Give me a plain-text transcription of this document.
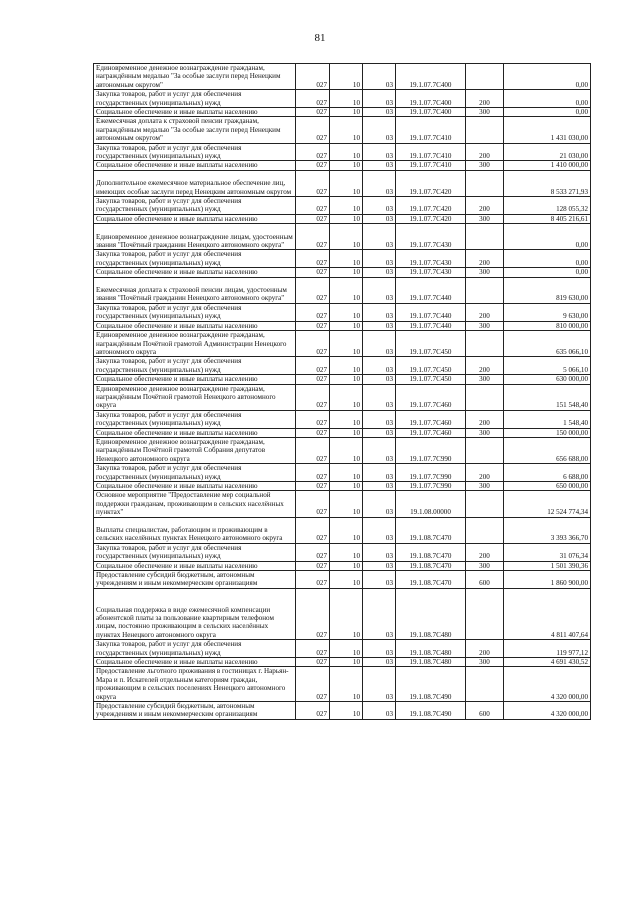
81
Единовременное денежное вознаграждение гражданам, награждённым медалью "За особые заслуги перед Ненецким автономным округом"	027	10	03	19.1.07.7С400		0,00
Закупка товаров, работ и услуг для обеспечения государственных (муниципальных) нужд	027	10	03	19.1.07.7С400	200	0,00
Социальное обеспечение и иные выплаты населению	027	10	03	19.1.07.7С400	300	0,00
Ежемесячная доплата к страховой пенсии гражданам, награждённым медалью "За особые заслуги перед Ненецким автономным округом"	027	10	03	19.1.07.7С410		1 431 030,00
Закупка товаров, работ и услуг для обеспечения государственных (муниципальных) нужд	027	10	03	19.1.07.7С410	200	21 030,00
Социальное обеспечение и иные выплаты населению	027	10	03	19.1.07.7С410	300	1 410 000,00
Дополнительное ежемесячное материальное обеспечение лиц, имеющих особые заслуги перед Ненецким автономным округом	027	10	03	19.1.07.7С420		8 533 271,93
Закупка товаров, работ и услуг для обеспечения государственных (муниципальных) нужд	027	10	03	19.1.07.7С420	200	128 055,32
Социальное обеспечение и иные выплаты населению	027	10	03	19.1.07.7С420	300	8 405 216,61
Единовременное денежное вознаграждение лицам, удостоенным звания "Почётный гражданин Ненецкого автономного округа"	027	10	03	19.1.07.7С430		0,00
Закупка товаров, работ и услуг для обеспечения государственных (муниципальных) нужд	027	10	03	19.1.07.7С430	200	0,00
Социальное обеспечение и иные выплаты населению	027	10	03	19.1.07.7С430	300	0,00
Ежемесячная доплата к страховой пенсии лицам, удостоенным звания "Почётный гражданин Ненецкого автономного округа"	027	10	03	19.1.07.7С440		819 630,00
Закупка товаров, работ и услуг для обеспечения государственных (муниципальных) нужд	027	10	03	19.1.07.7С440	200	9 630,00
Социальное обеспечение и иные выплаты населению	027	10	03	19.1.07.7С440	300	810 000,00
Единовременное денежное вознаграждение гражданам, награждённым Почётной грамотой Администрации Ненецкого автономного округа	027	10	03	19.1.07.7С450		635 066,10
Закупка товаров, работ и услуг для обеспечения государственных (муниципальных) нужд	027	10	03	19.1.07.7С450	200	5 066,10
Социальное обеспечение и иные выплаты населению	027	10	03	19.1.07.7С450	300	630 000,00
Единовременное денежное вознаграждение гражданам, награждённым Почётной грамотой Ненецкого автономного округа	027	10	03	19.1.07.7С460		151 548,40
Закупка товаров, работ и услуг для обеспечения государственных (муниципальных) нужд	027	10	03	19.1.07.7С460	200	1 548,40
Социальное обеспечение и иные выплаты населению	027	10	03	19.1.07.7С460	300	150 000,00
Единовременное денежное вознаграждение гражданам, награждённым Почётной грамотой Собрания депутатов Ненецкого автономного округа	027	10	03	19.1.07.7С990		656 688,00
Закупка товаров, работ и услуг для обеспечения государственных (муниципальных) нужд	027	10	03	19.1.07.7С990	200	6 688,00
Социальное обеспечение и иные выплаты населению	027	10	03	19.1.07.7С990	300	650 000,00
Основное мероприятие "Предоставление мер социальной поддержки гражданам, проживающим в сельских населённых пунктах"	027	10	03	19.1.08.00000		12 524 774,34
Выплаты специалистам, работающим и проживающим в сельских населённых пунктах Ненецкого автономного округа	027	10	03	19.1.08.7С470		3 393 366,70
Закупка товаров, работ и услуг для обеспечения государственных (муниципальных) нужд	027	10	03	19.1.08.7С470	200	31 076,34
Социальное обеспечение и иные выплаты населению	027	10	03	19.1.08.7С470	300	1 501 390,36
Предоставление субсидий бюджетным, автономным учреждениям и иным некоммерческим организациям	027	10	03	19.1.08.7С470	600	1 860 900,00
Социальная поддержка в виде ежемесячной компенсации абонентской платы за пользование квартирным телефоном лицам, постоянно проживающим в сельских населённых пунктах Ненецкого автономного округа	027	10	03	19.1.08.7С480		4 811 407,64
Закупка товаров, работ и услуг для обеспечения государственных (муниципальных) нужд	027	10	03	19.1.08.7С480	200	119 977,12
Социальное обеспечение и иные выплаты населению	027	10	03	19.1.08.7С480	300	4 691 430,52
Предоставление льготного проживания в гостиницах г. Нарьян-Мара и п. Искателей отдельным категориям граждан, проживающим в сельских поселениях Ненецкого автономного округа	027	10	03	19.1.08.7С490		4 320 000,00
Предоставление субсидий бюджетным, автономным учреждениям и иным некоммерческим организациям	027	10	03	19.1.08.7С490	600	4 320 000,00
